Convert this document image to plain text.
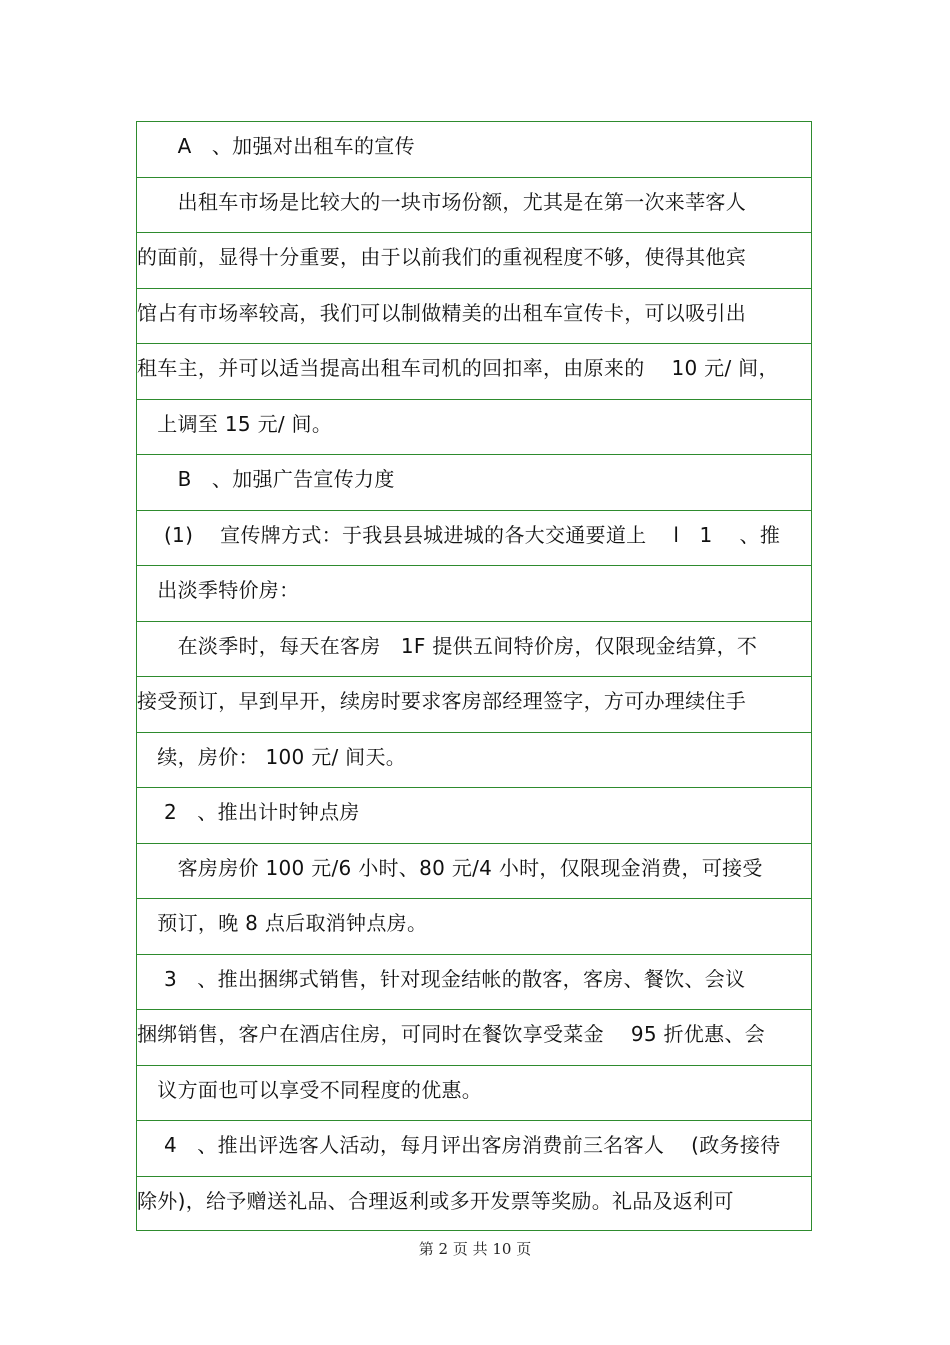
　　A　、加强对出租车的宣传
　　出租车市场是比较大的一块市场份额，尤其是在第一次来莘客人
的面前，显得十分重要，由于以前我们的重视程度不够，使得其他宾
馆占有市场率较高，我们可以制做精美的出租车宣传卡，可以吸引出
租车主，并可以适当提高出租车司机的回扣率，由原来的　 10 元/ 间，
　上调至 15 元/ 间。
　　B　、加强广告宣传力度
　 (1)　 宣传牌方式：于我县县城进城的各大交通要道上　 l　1　 、推
　出淡季特价房：
　　在淡季时，每天在客房　1F 提供五间特价房，仅限现金结算，不
接受预订，早到早开，续房时要求客房部经理签字，方可办理续住手
　续，房价： 100 元/ 间天。
　 2　、推出计时钟点房
　　客房房价 100 元/6 小时、80 元/4 小时，仅限现金消费，可接受
　预订，晚 8 点后取消钟点房。
　 3　、推出捆绑式销售，针对现金结帐的散客，客房、餐饮、会议
捆绑销售，客户在酒店住房，可同时在餐饮享受菜金　 95 折优惠、会
　议方面也可以享受不同程度的优惠。
　 4　、推出评选客人活动，每月评出客房消费前三名客人　 (政务接待
除外)，给予赠送礼品、合理返利或多开发票等奖励。礼品及返利可
第 2 页 共 10 页
